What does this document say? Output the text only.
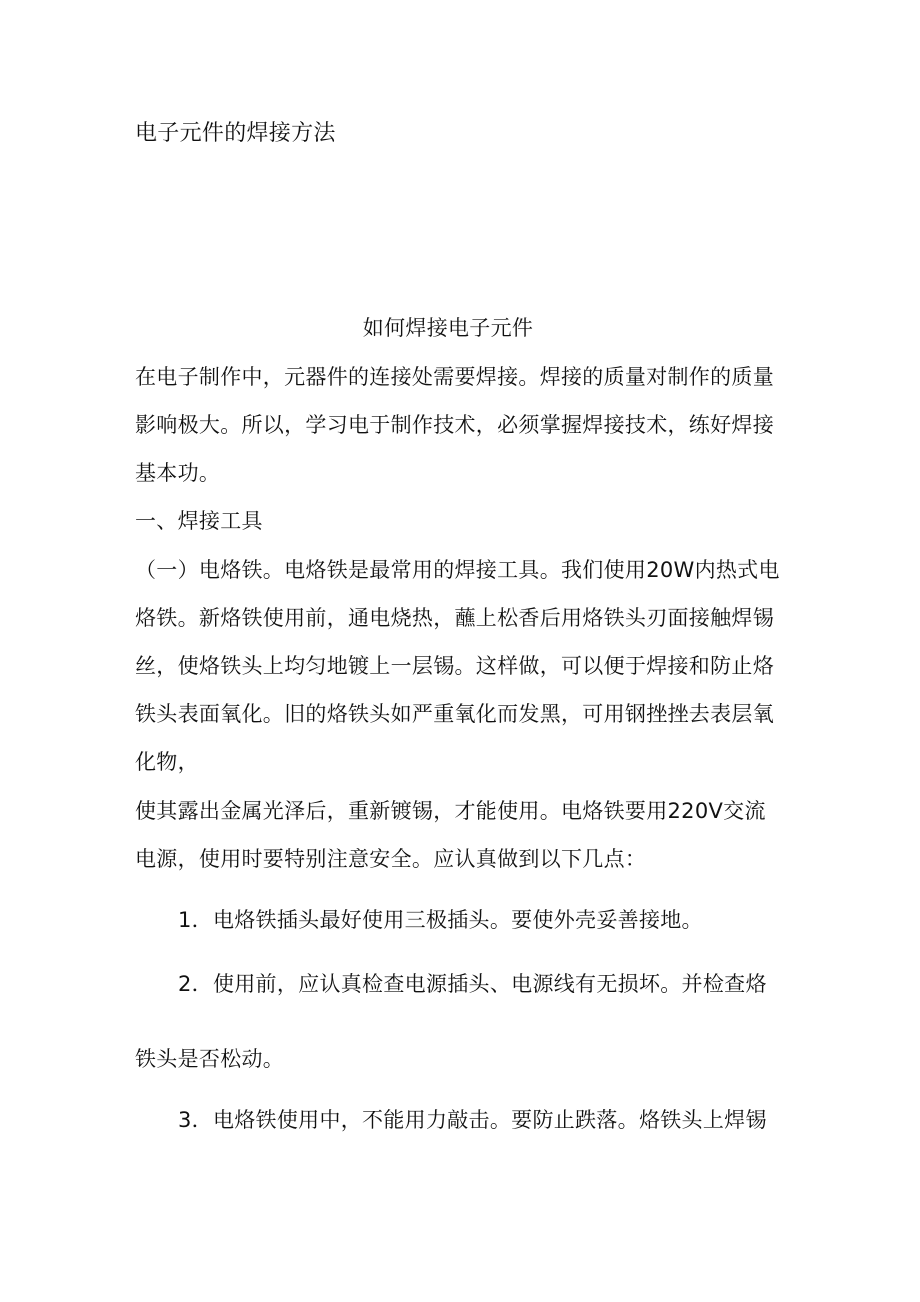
电子元件的焊接方法
如何焊接电子元件
在电子制作中，元器件的连接处需要焊接。焊接的质量对制作的质量
影响极大。所以，学习电于制作技术，必须掌握焊接技术，练好焊接
基本功。
一、焊接工具
（一）电烙铁。电烙铁是最常用的焊接工具。我们使用20W内热式电
烙铁。新烙铁使用前，通电烧热，蘸上松香后用烙铁头刃面接触焊锡
丝，使烙铁头上均匀地镀上一层锡。这样做，可以便于焊接和防止烙
铁头表面氧化。旧的烙铁头如严重氧化而发黑，可用钢挫挫去表层氧
化物，
使其露出金属光泽后，重新镀锡，才能使用。电烙铁要用220V交流
电源，使用时要特别注意安全。应认真做到以下几点：
1．电烙铁插头最好使用三极插头。要使外壳妥善接地。
2．使用前，应认真检查电源插头、电源线有无损坏。并检查烙
铁头是否松动。
3．电烙铁使用中，不能用力敲击。要防止跌落。烙铁头上焊锡
